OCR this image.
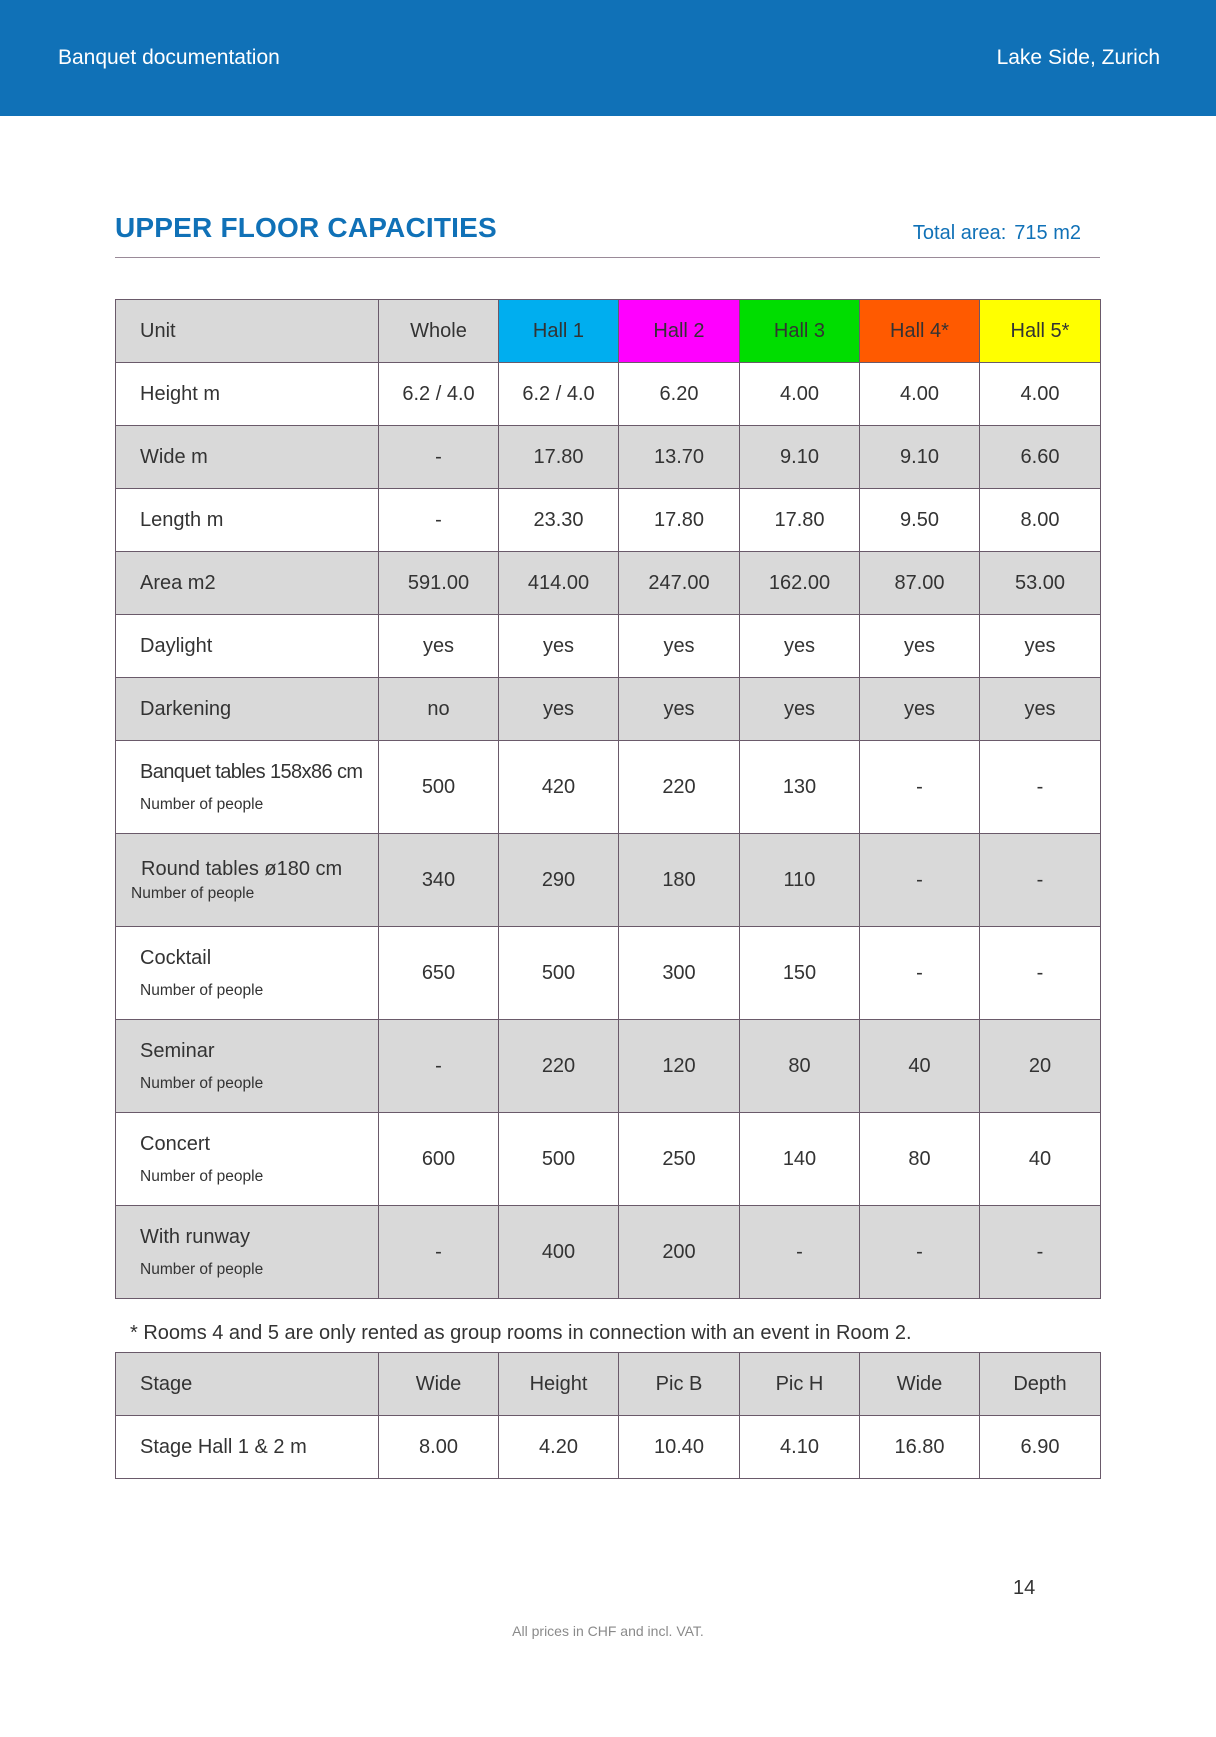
Banquet documentation	Lake Side, Zurich
UPPER FLOOR CAPACITIES	Total area: 715 m2
Unit	Whole	Hall 1	Hall 2	Hall 3	Hall 4*	Hall 5*
Height m	6.2 / 4.0	6.2 / 4.0	6.20	4.00	4.00	4.00
Wide m	-	17.80	13.70	9.10	9.10	6.60
Length m	-	23.30	17.80	17.80	9.50	8.00
Area m2	591.00	414.00	247.00	162.00	87.00	53.00
Daylight	yes	yes	yes	yes	yes	yes
Darkening	no	yes	yes	yes	yes	yes
Banquet tables 158x86 cm
Number of people	500	420	220	130	-	-
Round tables ø180 cm
Number of people	340	290	180	110	-	-
Cocktail
Number of people	650	500	300	150	-	-
Seminar
Number of people	-	220	120	80	40	20
Concert
Number of people	600	500	250	140	80	40
With runway
Number of people	-	400	200	-	-	-
* Rooms 4 and 5 are only rented as group rooms in connection with an event in Room 2.
Stage	Wide	Height	Pic B	Pic H	Wide	Depth
Stage Hall 1 & 2 m	8.00	4.20	10.40	4.10	16.80	6.90
14
All prices in CHF and incl. VAT.
